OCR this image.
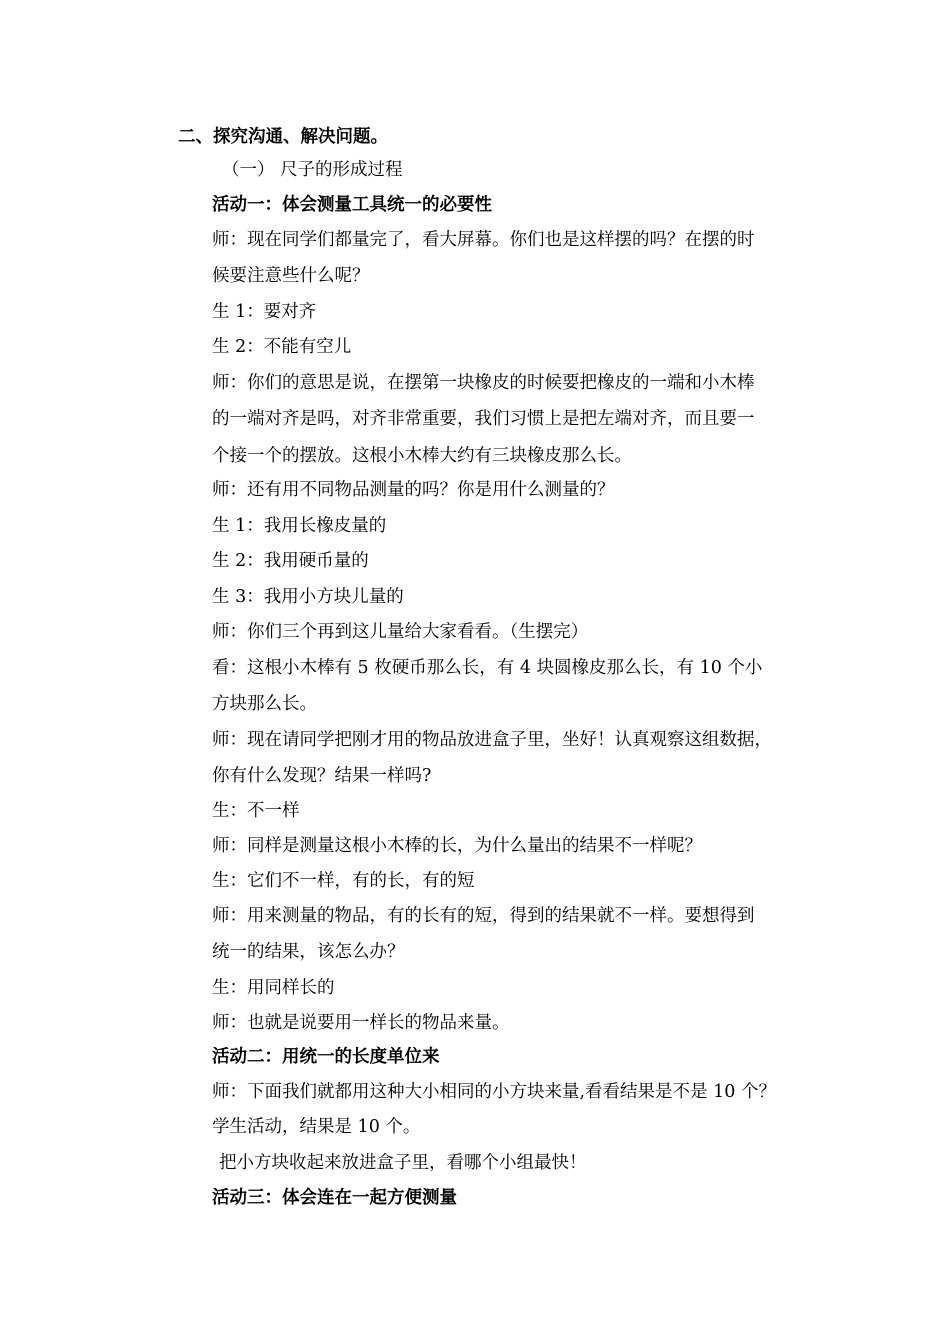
二、探究沟通、解决问题。
（一） 尺子的形成过程
活动一：体会测量工具统一的必要性
师：现在同学们都量完了，看大屏幕。你们也是这样摆的吗？在摆的时
候要注意些什么呢？
生 1：要对齐
生 2：不能有空儿
师：你们的意思是说，在摆第一块橡皮的时候要把橡皮的一端和小木棒
的一端对齐是吗，对齐非常重要，我们习惯上是把左端对齐，而且要一
个接一个的摆放。这根小木棒大约有三块橡皮那么长。
师：还有用不同物品测量的吗？你是用什么测量的？
生 1：我用长橡皮量的
生 2：我用硬币量的
生 3：我用小方块儿量的
师：你们三个再到这儿量给大家看看。（生摆完）
看：这根小木棒有 5 枚硬币那么长，有 4 块圆橡皮那么长，有 10 个小
方块那么长。
师：现在请同学把刚才用的物品放进盒子里，坐好！认真观察这组数据，
你有什么发现？结果一样吗?
生：不一样
师：同样是测量这根小木棒的长，为什么量出的结果不一样呢？
生：它们不一样，有的长，有的短
师：用来测量的物品，有的长有的短，得到的结果就不一样。要想得到
统一的结果，该怎么办？
生：用同样长的
师：也就是说要用一样长的物品来量。
活动二：用统一的长度单位来
师：下面我们就都用这种大小相同的小方块来量,看看结果是不是 10 个？
学生活动，结果是 10 个。
把小方块收起来放进盒子里，看哪个小组最快！
活动三：体会连在一起方便测量
